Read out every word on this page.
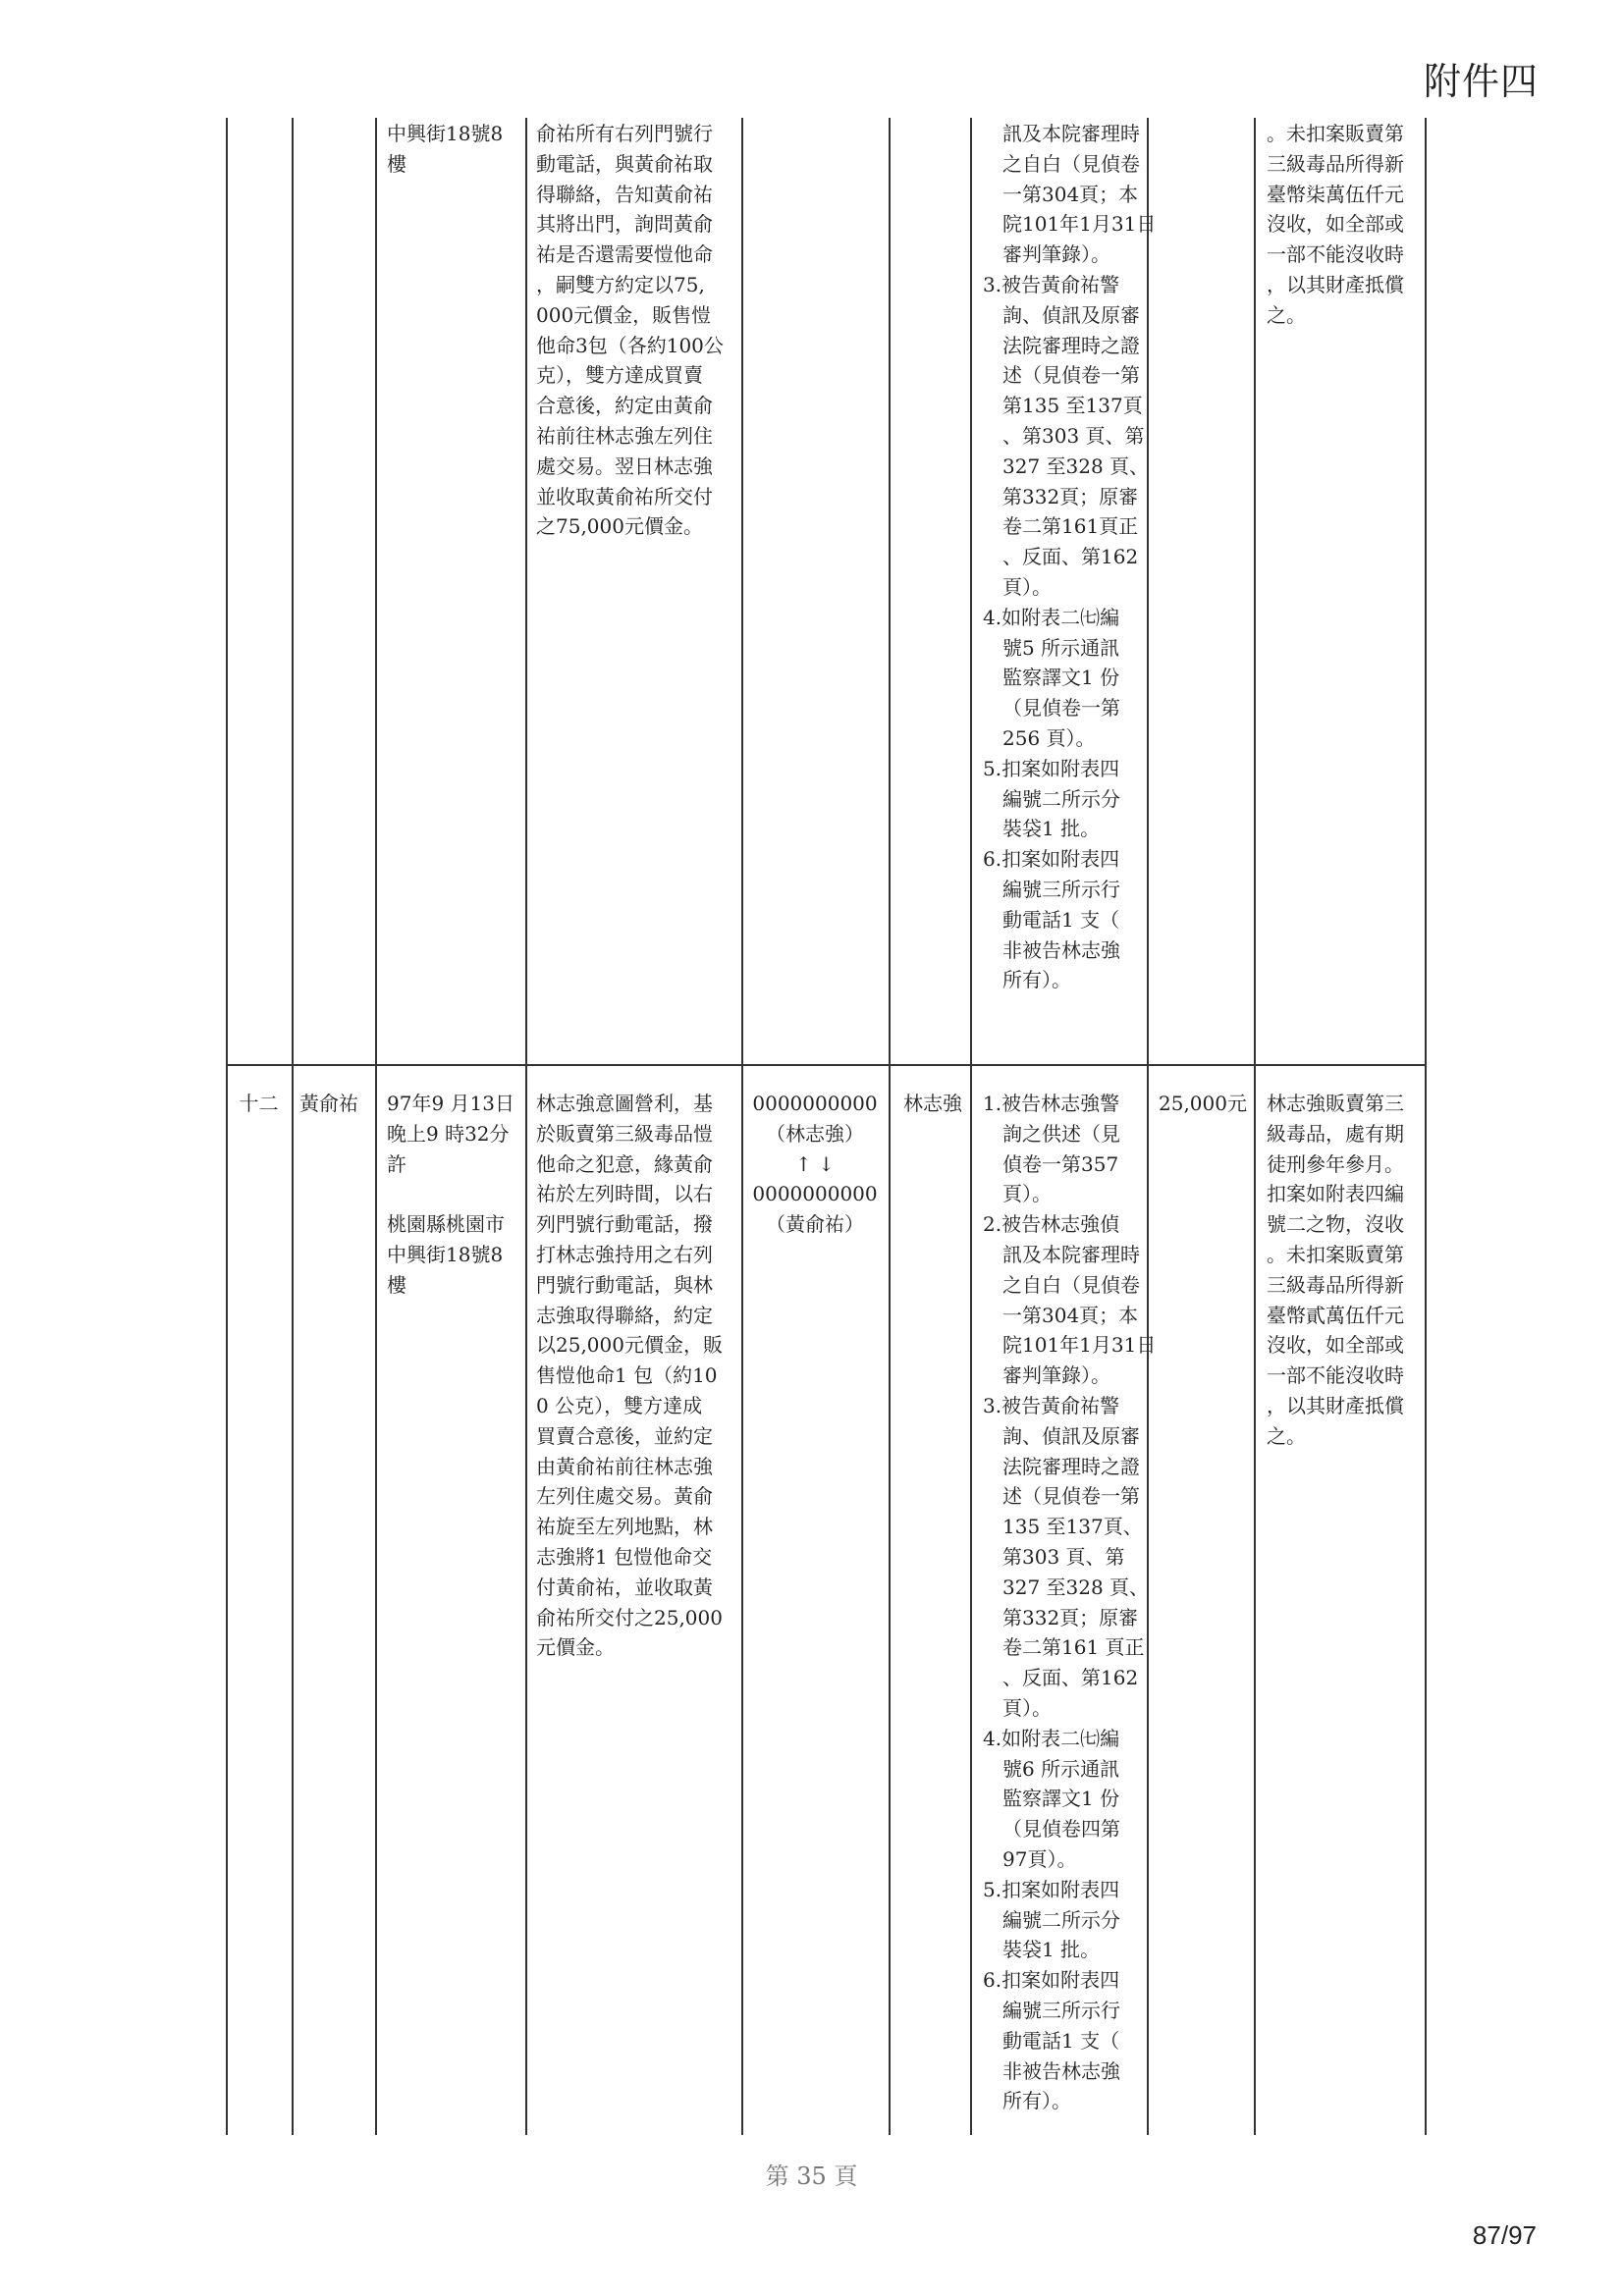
附件四
中興街18號8
樓
俞祐所有右列門號行
動電話，與黃俞祐取
得聯絡，告知黃俞祐
其將出門，詢問黃俞
祐是否還需要愷他命
，嗣雙方約定以75,
000元價金，販售愷
他命3包（各約100公
克），雙方達成買賣
合意後，約定由黃俞
祐前往林志強左列住
處交易。翌日林志強
並收取黃俞祐所交付
之75,000元價金。
訊及本院審理時
之自白（見偵卷
一第304頁；本
院101年1月31日
審判筆錄）。
3.被告黃俞祐警
詢、偵訊及原審
法院審理時之證
述（見偵卷一第
第135 至137頁
、第303 頁、第
327 至328 頁、
第332頁；原審
卷二第161頁正
、反面、第162
頁）。
4.如附表二㈦編
號5 所示通訊
監察譯文1 份
（見偵卷一第
256 頁）。
5.扣案如附表四
編號二所示分
裝袋1 批。
6.扣案如附表四
編號三所示行
動電話1 支（
非被告林志強
所有）。
。未扣案販賣第
三級毒品所得新
臺幣柒萬伍仟元
沒收，如全部或
一部不能沒收時
，以其財產抵償
之。
十二	黃俞祐 97年9 月13日
晚上9 時32分
許
桃園縣桃園市
中興街18號8
樓
林志強意圖營利，基
於販賣第三級毒品愷
他命之犯意，緣黃俞
祐於左列時間，以右
列門號行動電話，撥
打林志強持用之右列
門號行動電話，與林
志強取得聯絡，約定
以25,000元價金，販
售愷他命1 包（約10
0 公克），雙方達成
買賣合意後，並約定
由黃俞祐前往林志強
左列住處交易。黃俞
祐旋至左列地點，林
志強將1 包愷他命交
付黃俞祐，並收取黃
俞祐所交付之25,000
元價金。
0000000000
（林志強）
↑ ↓
0000000000
（黃俞祐）
林志強 1.被告林志強警
詢之供述（見
偵卷一第357
頁）。
2.被告林志強偵
訊及本院審理時
之自白（見偵卷
一第304頁；本
院101年1月31日
審判筆錄）。
3.被告黃俞祐警
詢、偵訊及原審
法院審理時之證
述（見偵卷一第
135 至137頁、
第303 頁、第
327 至328 頁、
第332頁；原審
卷二第161 頁正
、反面、第162
頁）。
4.如附表二㈦編
號6 所示通訊
監察譯文1 份
（見偵卷四第
97頁）。
5.扣案如附表四
編號二所示分
裝袋1 批。
6.扣案如附表四
編號三所示行
動電話1 支（
非被告林志強
所有）。
25,000元 林志強販賣第三
級毒品，處有期
徒刑參年參月。
扣案如附表四編
號二之物，沒收
。未扣案販賣第
三級毒品所得新
臺幣貳萬伍仟元
沒收，如全部或
一部不能沒收時
，以其財產抵償
之。
第 35 頁
87/97
